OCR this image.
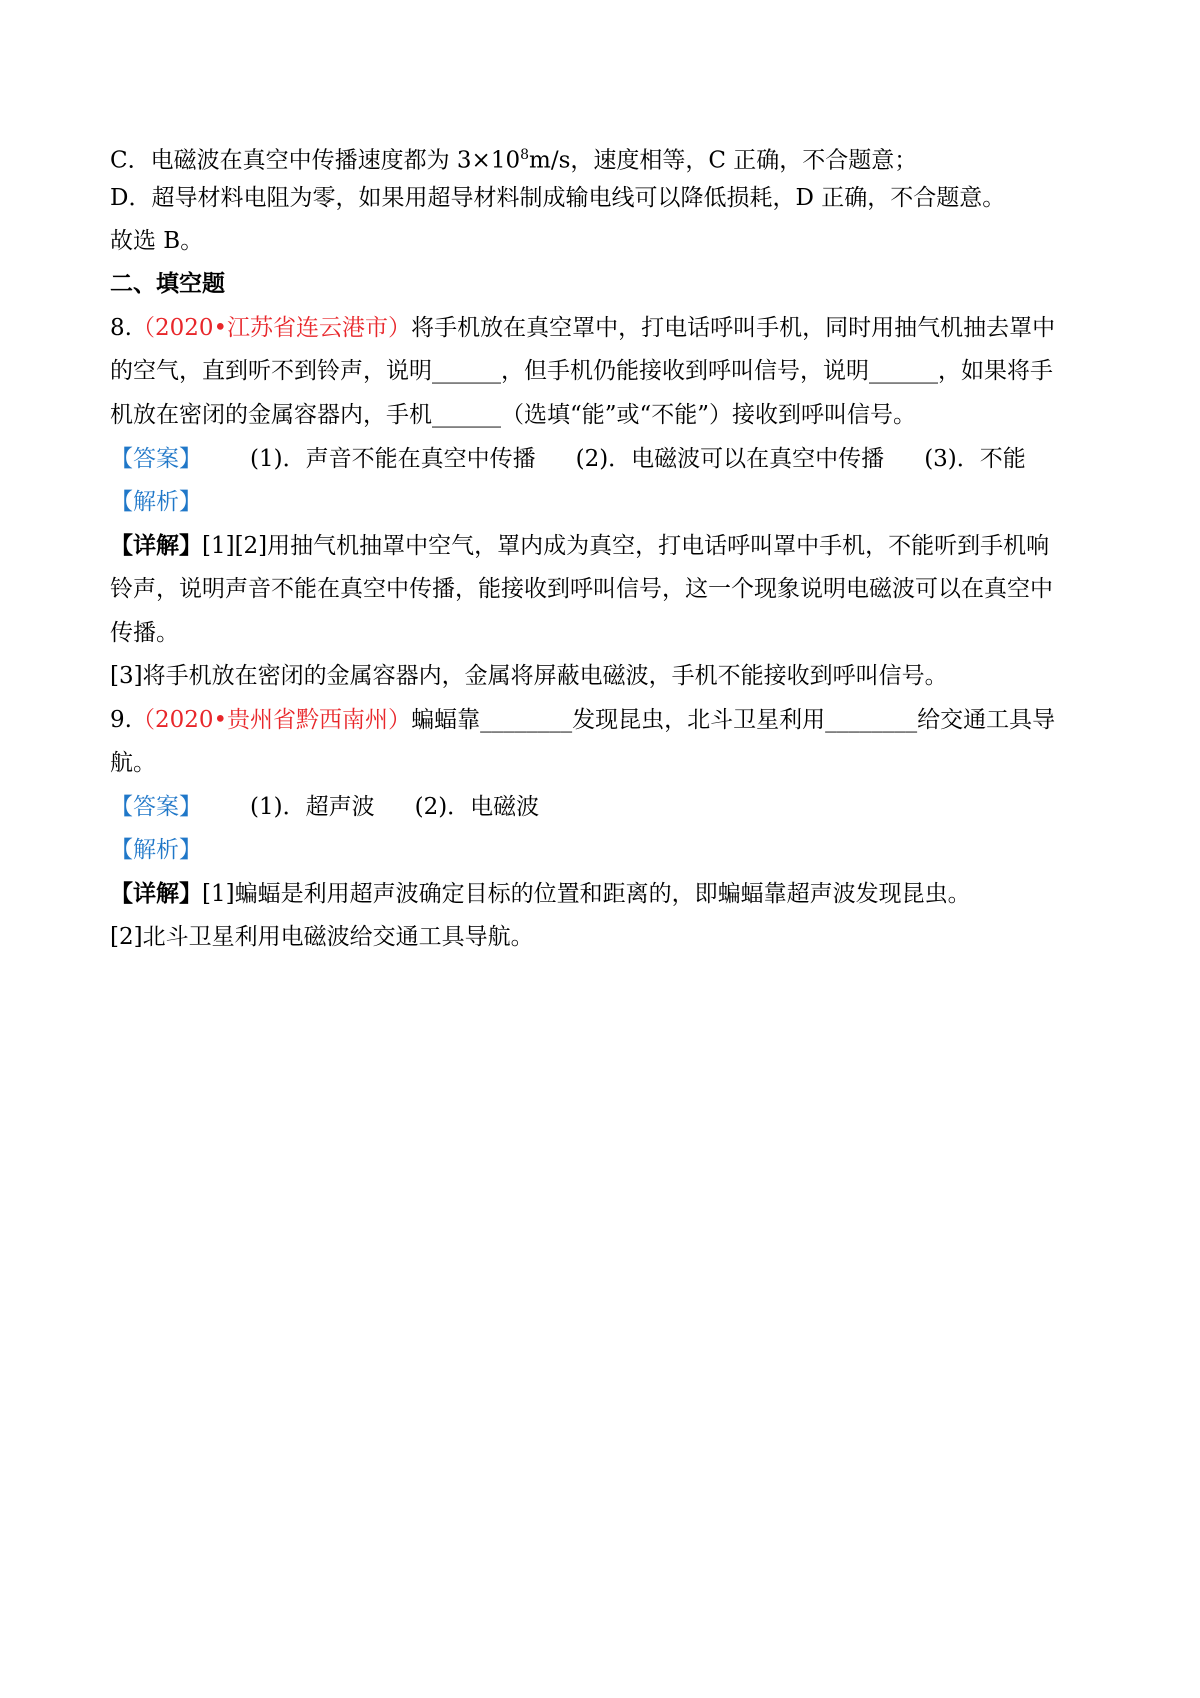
C．电磁波在真空中传播速度都为 $3\times 10^8m/s$，速度相等，C 正确，不合题意；
D．超导材料电阻为零，如果用超导材料制成输电线可以降低损耗，D 正确，不合题意。
故选 B。
二、填空题
8.（2020•江苏省连云港市）将手机放在真空罩中，打电话呼叫手机，同时用抽气机抽去罩中
的空气，直到听不到铃声，说明______，但手机仍能接收到呼叫信号，说明______，如果将手
机放在密闭的金属容器内，手机______（选填“能”或“不能”）接收到呼叫信号。
【答案】 (1)．声音不能在真空中传播 (2)．电磁波可以在真空中传播 (3)．不能
【解析】
【详解】[1][2]用抽气机抽罩中空气，罩内成为真空，打电话呼叫罩中手机，不能听到手机响
铃声，说明声音不能在真空中传播，能接收到呼叫信号，这一个现象说明电磁波可以在真空中
传播。
[3]将手机放在密闭的金属容器内，金属将屏蔽电磁波，手机不能接收到呼叫信号。
9.（2020•贵州省黔西南州）蝙蝠靠________发现昆虫，北斗卫星利用________给交通工具导
航。
【答案】 (1)．超声波 (2)．电磁波
【解析】
【详解】[1]蝙蝠是利用超声波确定目标的位置和距离的，即蝙蝠靠超声波发现昆虫。
[2]北斗卫星利用电磁波给交通工具导航。
